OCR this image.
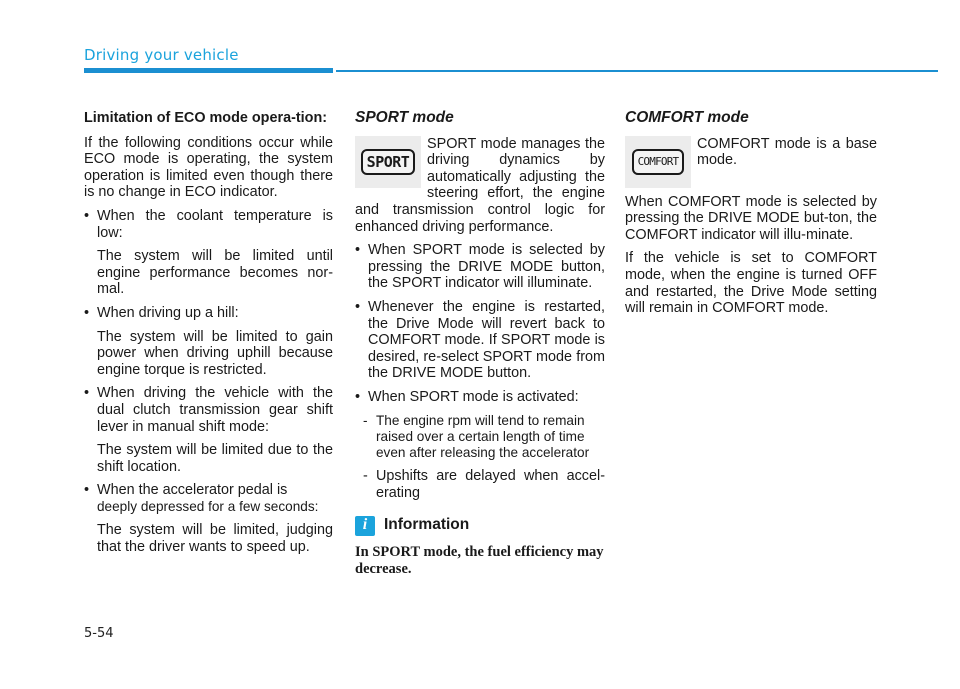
Driving your vehicle

Limitation of ECO mode opera-tion:

If the following conditions occur while ECO mode is operating, the system operation is limited even though there is no change in ECO indicator.

• When the coolant temperature is low:

The system will be limited until engine performance becomes nor-mal.

• When driving up a hill:

The system will be limited to gain power when driving uphill because engine torque is restricted.

• When driving the vehicle with the dual clutch transmission gear shift lever in manual shift mode:

The system will be limited due to the shift location.

• When the accelerator pedal is
deeply depressed for a few seconds:

The system will be limited, judging that the driver wants to speed up.

SPORT mode

SPORT

SPORT mode manages the driving dynamics by automatically adjusting the steering effort, the engine and transmission control logic for enhanced driving performance.

• When SPORT mode is selected by pressing the DRIVE MODE button, the SPORT indicator will illuminate.
• Whenever the engine is restarted, the Drive Mode will revert back to COMFORT mode. If SPORT mode is desired, re-select SPORT mode from the DRIVE MODE button.
• When SPORT mode is activated:
- The engine rpm will tend to remain raised over a certain length of time even after releasing the accelerator
- Upshifts are delayed when accel-erating
i	Information

In SPORT mode, the fuel efficiency may decrease.

COMFORT mode

COMFORT

COMFORT mode is a base mode.

When COMFORT mode is selected by pressing the DRIVE MODE but-ton, the COMFORT indicator will illu-minate.

If the vehicle is set to COMFORT mode, when the engine is turned OFF and restarted, the Drive Mode setting will remain in COMFORT mode.

5-54
